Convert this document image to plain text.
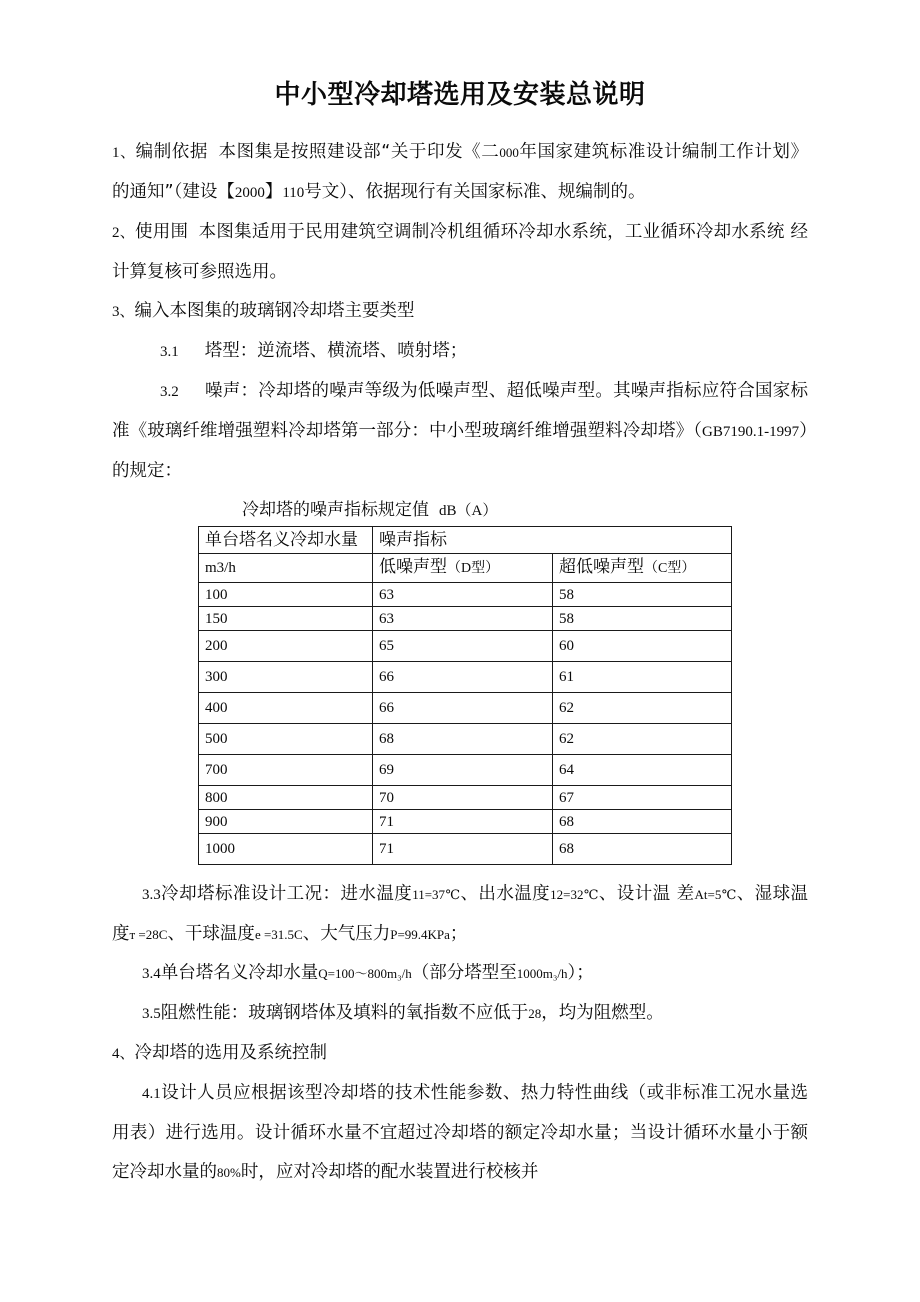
中小型冷却塔选用及安装总说明

1、编制依据 本图集是按照建设部“关于印发《二000年国家建筑标准设计编制工作计划》 的通知”（建设【2000】110号文）、依据现行有关国家标准、规编制的。

2、使用围 本图集适用于民用建筑空调制冷机组循环冷却水系统，工业循环冷却水系统 经计算复核可参照选用。

3、编入本图集的玻璃钢冷却塔主要类型

3.1 塔型：逆流塔、横流塔、喷射塔；

3.2 噪声：冷却塔的噪声等级为低噪声型、超低噪声型。其噪声指标应符合国家标准《玻璃纤维增强塑料冷却塔第一部分：中小型玻璃纤维增强塑料冷却塔》（GB7190.1-1997）的规定：

冷却塔的噪声指标规定值 dB（A）
单台塔名义冷却水量	噪声指标	
m3/h	低噪声型（D型）	超低噪声型（C型）
100	63	58
150	63	58
200	65	60
300	66	61
400	66	62
500	68	62
700	69	64
800	70	67
900	71	68
1000	71	68

3.3冷却塔标准设计工况：进水温度11=37℃、出水温度12=32℃、设计温 差At=5℃、湿球温度т =28C、干球温度e =31.5C、大气压力P=99.4KPa；

3.4单台塔名义冷却水量Q=100～800m₃/h（部分塔型至1000m₃/h）；

3.5阻燃性能：玻璃钢塔体及填料的氧指数不应低于28，均为阻燃型。

4、冷却塔的选用及系统控制

4.1设计人员应根据该型冷却塔的技术性能参数、热力特性曲线（或非标准工况水量选用表）进行选用。设计循环水量不宜超过冷却塔的额定冷却水量；当设计循环水量小于额定冷却水量的80%时，应对冷却塔的配水装置进行校核并
